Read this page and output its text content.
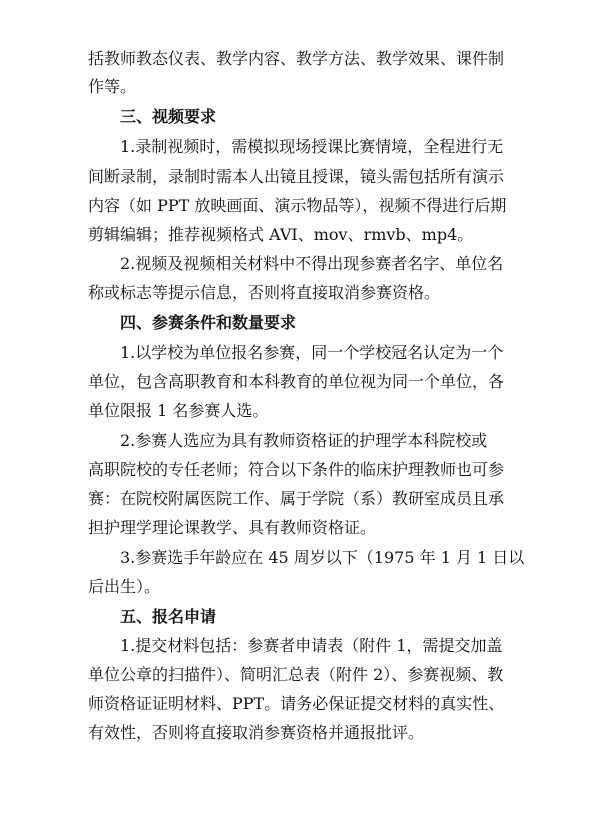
括教师教态仪表、教学内容、教学方法、教学效果、课件制
作等。
三、视频要求
1.录制视频时，需模拟现场授课比赛情境，全程进行无
间断录制，录制时需本人出镜且授课，镜头需包括所有演示
内容（如 PPT 放映画面、演示物品等），视频不得进行后期
剪辑编辑；推荐视频格式 AVI、mov、rmvb、mp4。
2.视频及视频相关材料中不得出现参赛者名字、单位名
称或标志等提示信息，否则将直接取消参赛资格。
四、参赛条件和数量要求
1.以学校为单位报名参赛，同一个学校冠名认定为一个
单位，包含高职教育和本科教育的单位视为同一个单位，各
单位限报 1 名参赛人选。
2.参赛人选应为具有教师资格证的护理学本科院校或
高职院校的专任老师；符合以下条件的临床护理教师也可参
赛：在院校附属医院工作、属于学院（系）教研室成员且承
担护理学理论课教学、具有教师资格证。
3.参赛选手年龄应在 45 周岁以下（1975 年 1 月 1 日以
后出生）。
五、报名申请
1.提交材料包括：参赛者申请表（附件 1，需提交加盖
单位公章的扫描件）、简明汇总表（附件 2）、参赛视频、教
师资格证证明材料、PPT。请务必保证提交材料的真实性、
有效性，否则将直接取消参赛资格并通报批评。
